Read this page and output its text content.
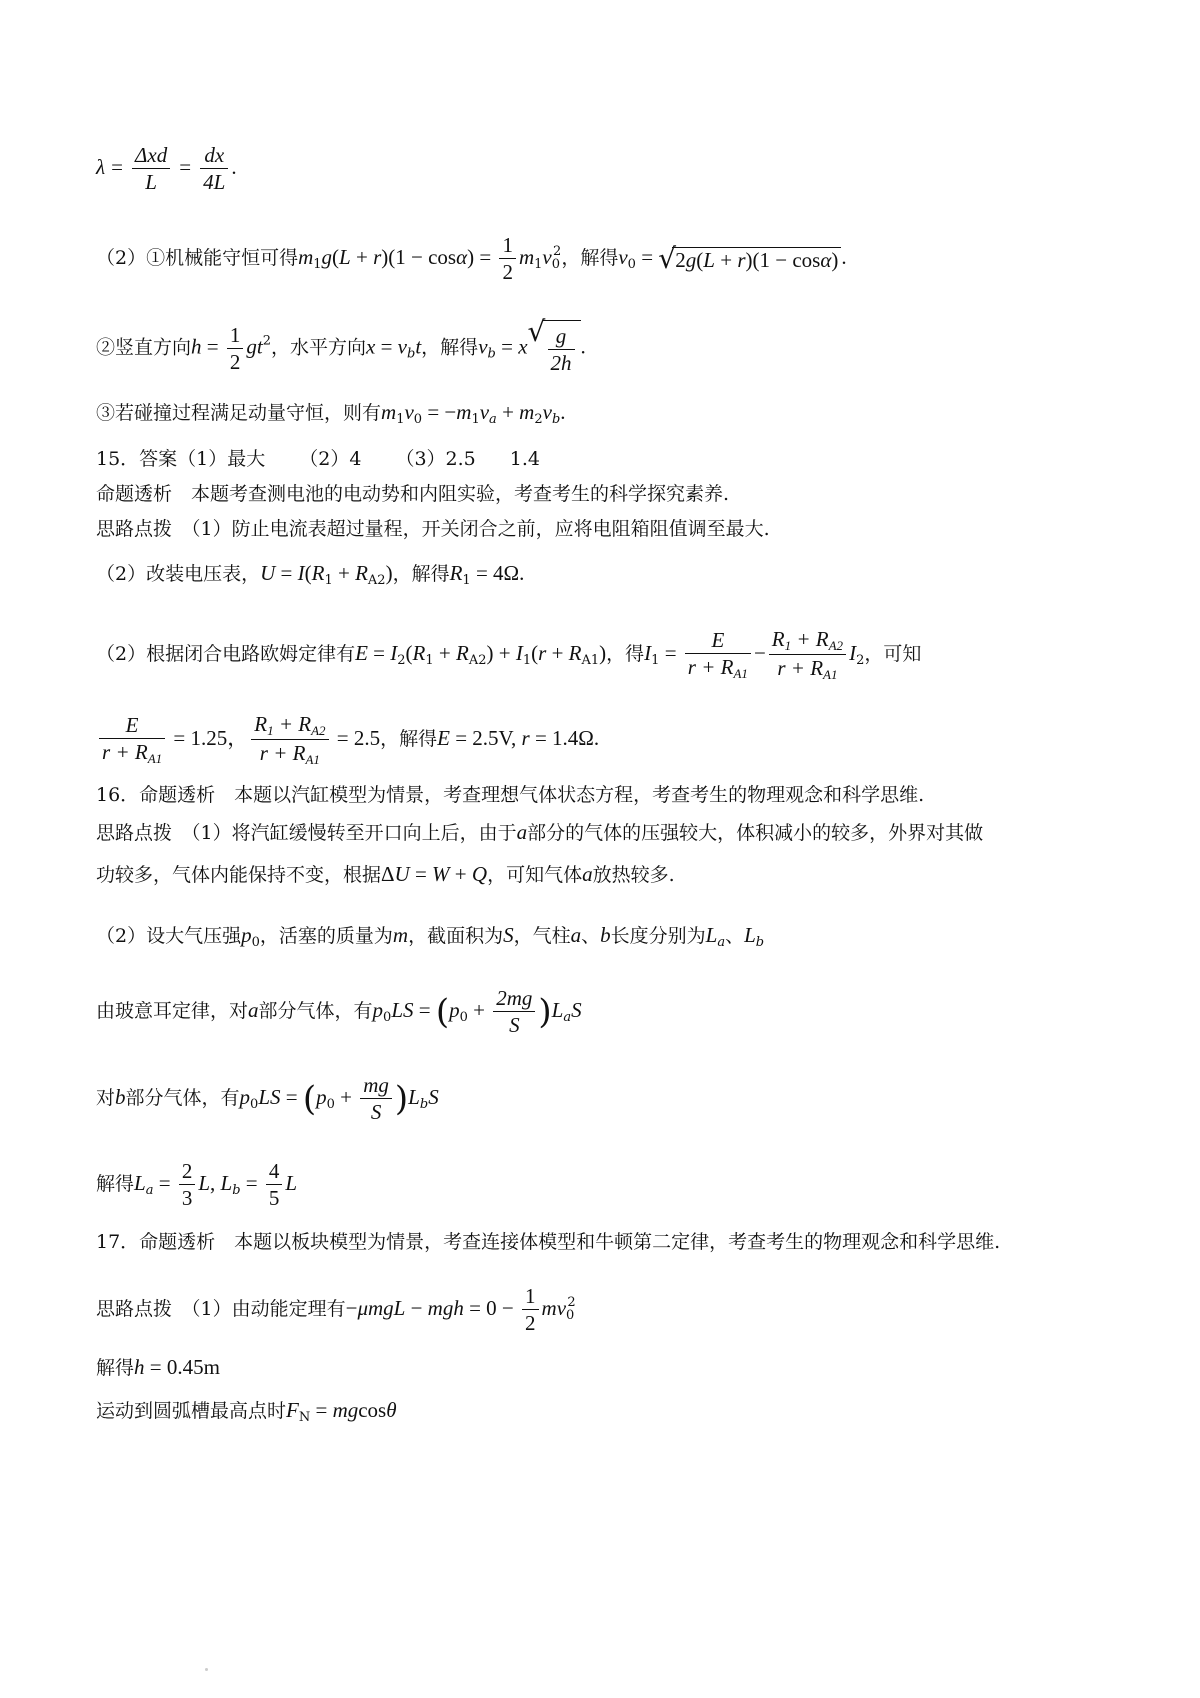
$\lambda = \frac{\text{Δxd}}{L} = \frac{dx}{4L}$ .
（2）①机械能守恒可得$m_1g(L + r)(1 - \cos\alpha) = \frac{1}{2} m_1v_0^2$，解得$v_0$ = √ 2g(L + r)(1 − cosα) .
②竖直方向$h = \frac{1}{2} gt^2$，水平方向$x = v_bt$，解得$v_b = x$ √ $\frac{g}{2h}$ .
③若碰撞过程满足动量守恒，则有$m_1v_0 = -m_1v_a + m_2v_b$.
15．答案（1）最大 （2）4 （3）2.5 1.4
命题透析　本题考查测电池的电动势和内阻实验，考查考生的科学探究素养.
思路点拨　（1）防止电流表超过量程，开关闭合之前，应将电阻箱阻值调至最大.
（2）改装电压表，$U = I(R_1 + R_{A2})$，解得$R_1 = 4\Omega$.
（2）根据闭合电路欧姆定律有$E = I_2(R_1 + R_{A2}) + I_1(r + R_{A1})$，得$I_1 = \frac{E}{r + R_{A1}} - \frac{R_1 + R_{A2}}{r + R_{A1}} I_2$，可知
$\frac{E}{r + R_{A1}} = 1.25$， $\frac{R_1 + R_{A2}}{r + R_{A1}} = 2.5$，解得E = 2.5V, r = 1.4Ω.
16．命题透析　本题以汽缸模型为情景，考查理想气体状态方程，考查考生的物理观念和科学思维.
思路点拨　（1）将汽缸缓慢转至开口向上后，由于a部分的气体的压强较大，体积减小的较多，外界对其做
功较多，气体内能保持不变，根据ΔU = W + Q，可知气体a放热较多.
（2）设大气压强$p_0$，活塞的质量为m，截面积为S，气柱a、b长度分别为$L_a$、$L_b$
由玻意耳定律，对a部分气体，有$p_0LS = (p_0 + \frac{2mg}{S} )L_aS$
对b部分气体，有$p_0LS = (p_0 + \frac{mg}{S} )L_bS$
解得$L_a = \frac{2}{3} L$, $L_b = \frac{4}{5}$ L
17．命题透析　本题以板块模型为情景，考查连接体模型和牛顿第二定律，考查考生的物理观念和科学思维.
思路点拨　（1）由动能定理有−μmgL − mgh = $0 - \frac{1}{2} mv_0^2$
解得h = 0.45m
运动到圆弧槽最高点时$F_N = mgcos\theta$
